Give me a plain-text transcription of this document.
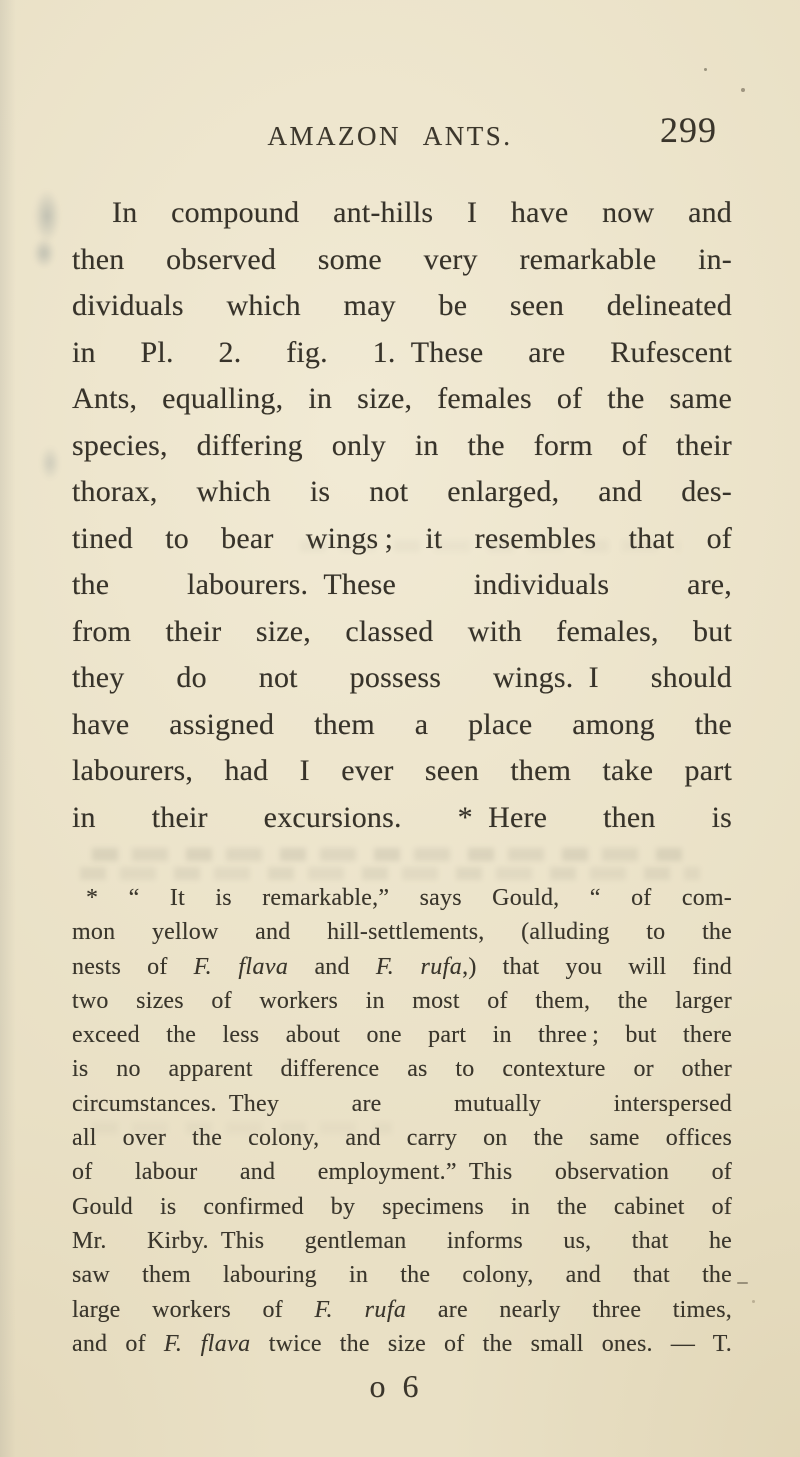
AMAZON ANTS.	299
In compound ant-hills I have now and
then observed some very remarkable in-
dividuals which may be seen delineated
in Pl. 2. fig. 1. These are Rufescent
Ants, equalling, in size, females of the same
species, differing only in the form of their
thorax, which is not enlarged, and des-
tined to bear wings ; it resembles that of
the labourers. These individuals are,
from their size, classed with females, but
they do not possess wings. I should
have assigned them a place among the
labourers, had I ever seen them take part
in their excursions. * Here then is
* “ It is remarkable,” says Gould, “ of com-
mon yellow and hill-settlements, (alluding to the
nests of F. flava and F. rufa,) that you will find
two sizes of workers in most of them, the larger
exceed the less about one part in three ; but there
is no apparent difference as to contexture or other
circumstances. They are mutually interspersed
all over the colony, and carry on the same offices
of labour and employment.” This observation of
Gould is confirmed by specimens in the cabinet of
Mr. Kirby. This gentleman informs us, that he
saw them labouring in the colony, and that the
large workers of F. rufa are nearly three times,
and of F. flava twice the size of the small ones. — T.
o 6
